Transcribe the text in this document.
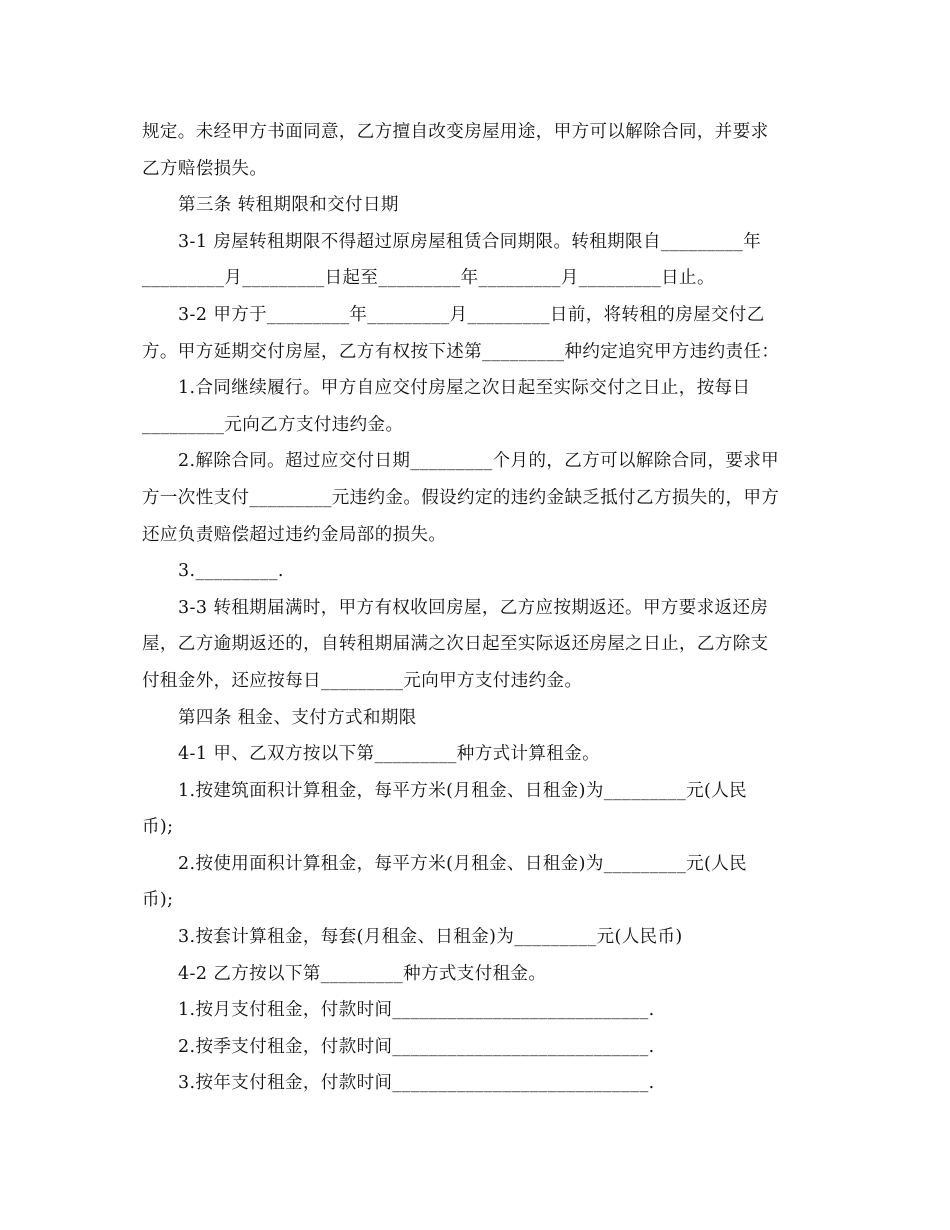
规定。未经甲方书面同意，乙方擅自改变房屋用途，甲方可以解除合同，并要求
乙方赔偿损失。
第三条 转租期限和交付日期
3-1 房屋转租期限不得超过原房屋租赁合同期限。转租期限自_________年
_________月_________日起至_________年_________月_________日止。
3-2 甲方于_________年_________月_________日前，将转租的房屋交付乙
方。甲方延期交付房屋，乙方有权按下述第_________种约定追究甲方违约责任：
1.合同继续履行。甲方自应交付房屋之次日起至实际交付之日止，按每日
_________元向乙方支付违约金。
2.解除合同。超过应交付日期_________个月的，乙方可以解除合同，要求甲
方一次性支付_________元违约金。假设约定的违约金缺乏抵付乙方损失的，甲方
还应负责赔偿超过违约金局部的损失。
3._________.
3-3 转租期届满时，甲方有权收回房屋，乙方应按期返还。甲方要求返还房
屋，乙方逾期返还的，自转租期届满之次日起至实际返还房屋之日止，乙方除支
付租金外，还应按每日_________元向甲方支付违约金。
第四条 租金、支付方式和期限
4-1 甲、乙双方按以下第_________种方式计算租金。
1.按建筑面积计算租金，每平方米(月租金、日租金)为_________元(人民
币);
2.按使用面积计算租金，每平方米(月租金、日租金)为_________元(人民
币);
3.按套计算租金，每套(月租金、日租金)为_________元(人民币)
4-2 乙方按以下第_________种方式支付租金。
1.按月支付租金，付款时间____________________________.
2.按季支付租金，付款时间____________________________.
3.按年支付租金，付款时间____________________________.
